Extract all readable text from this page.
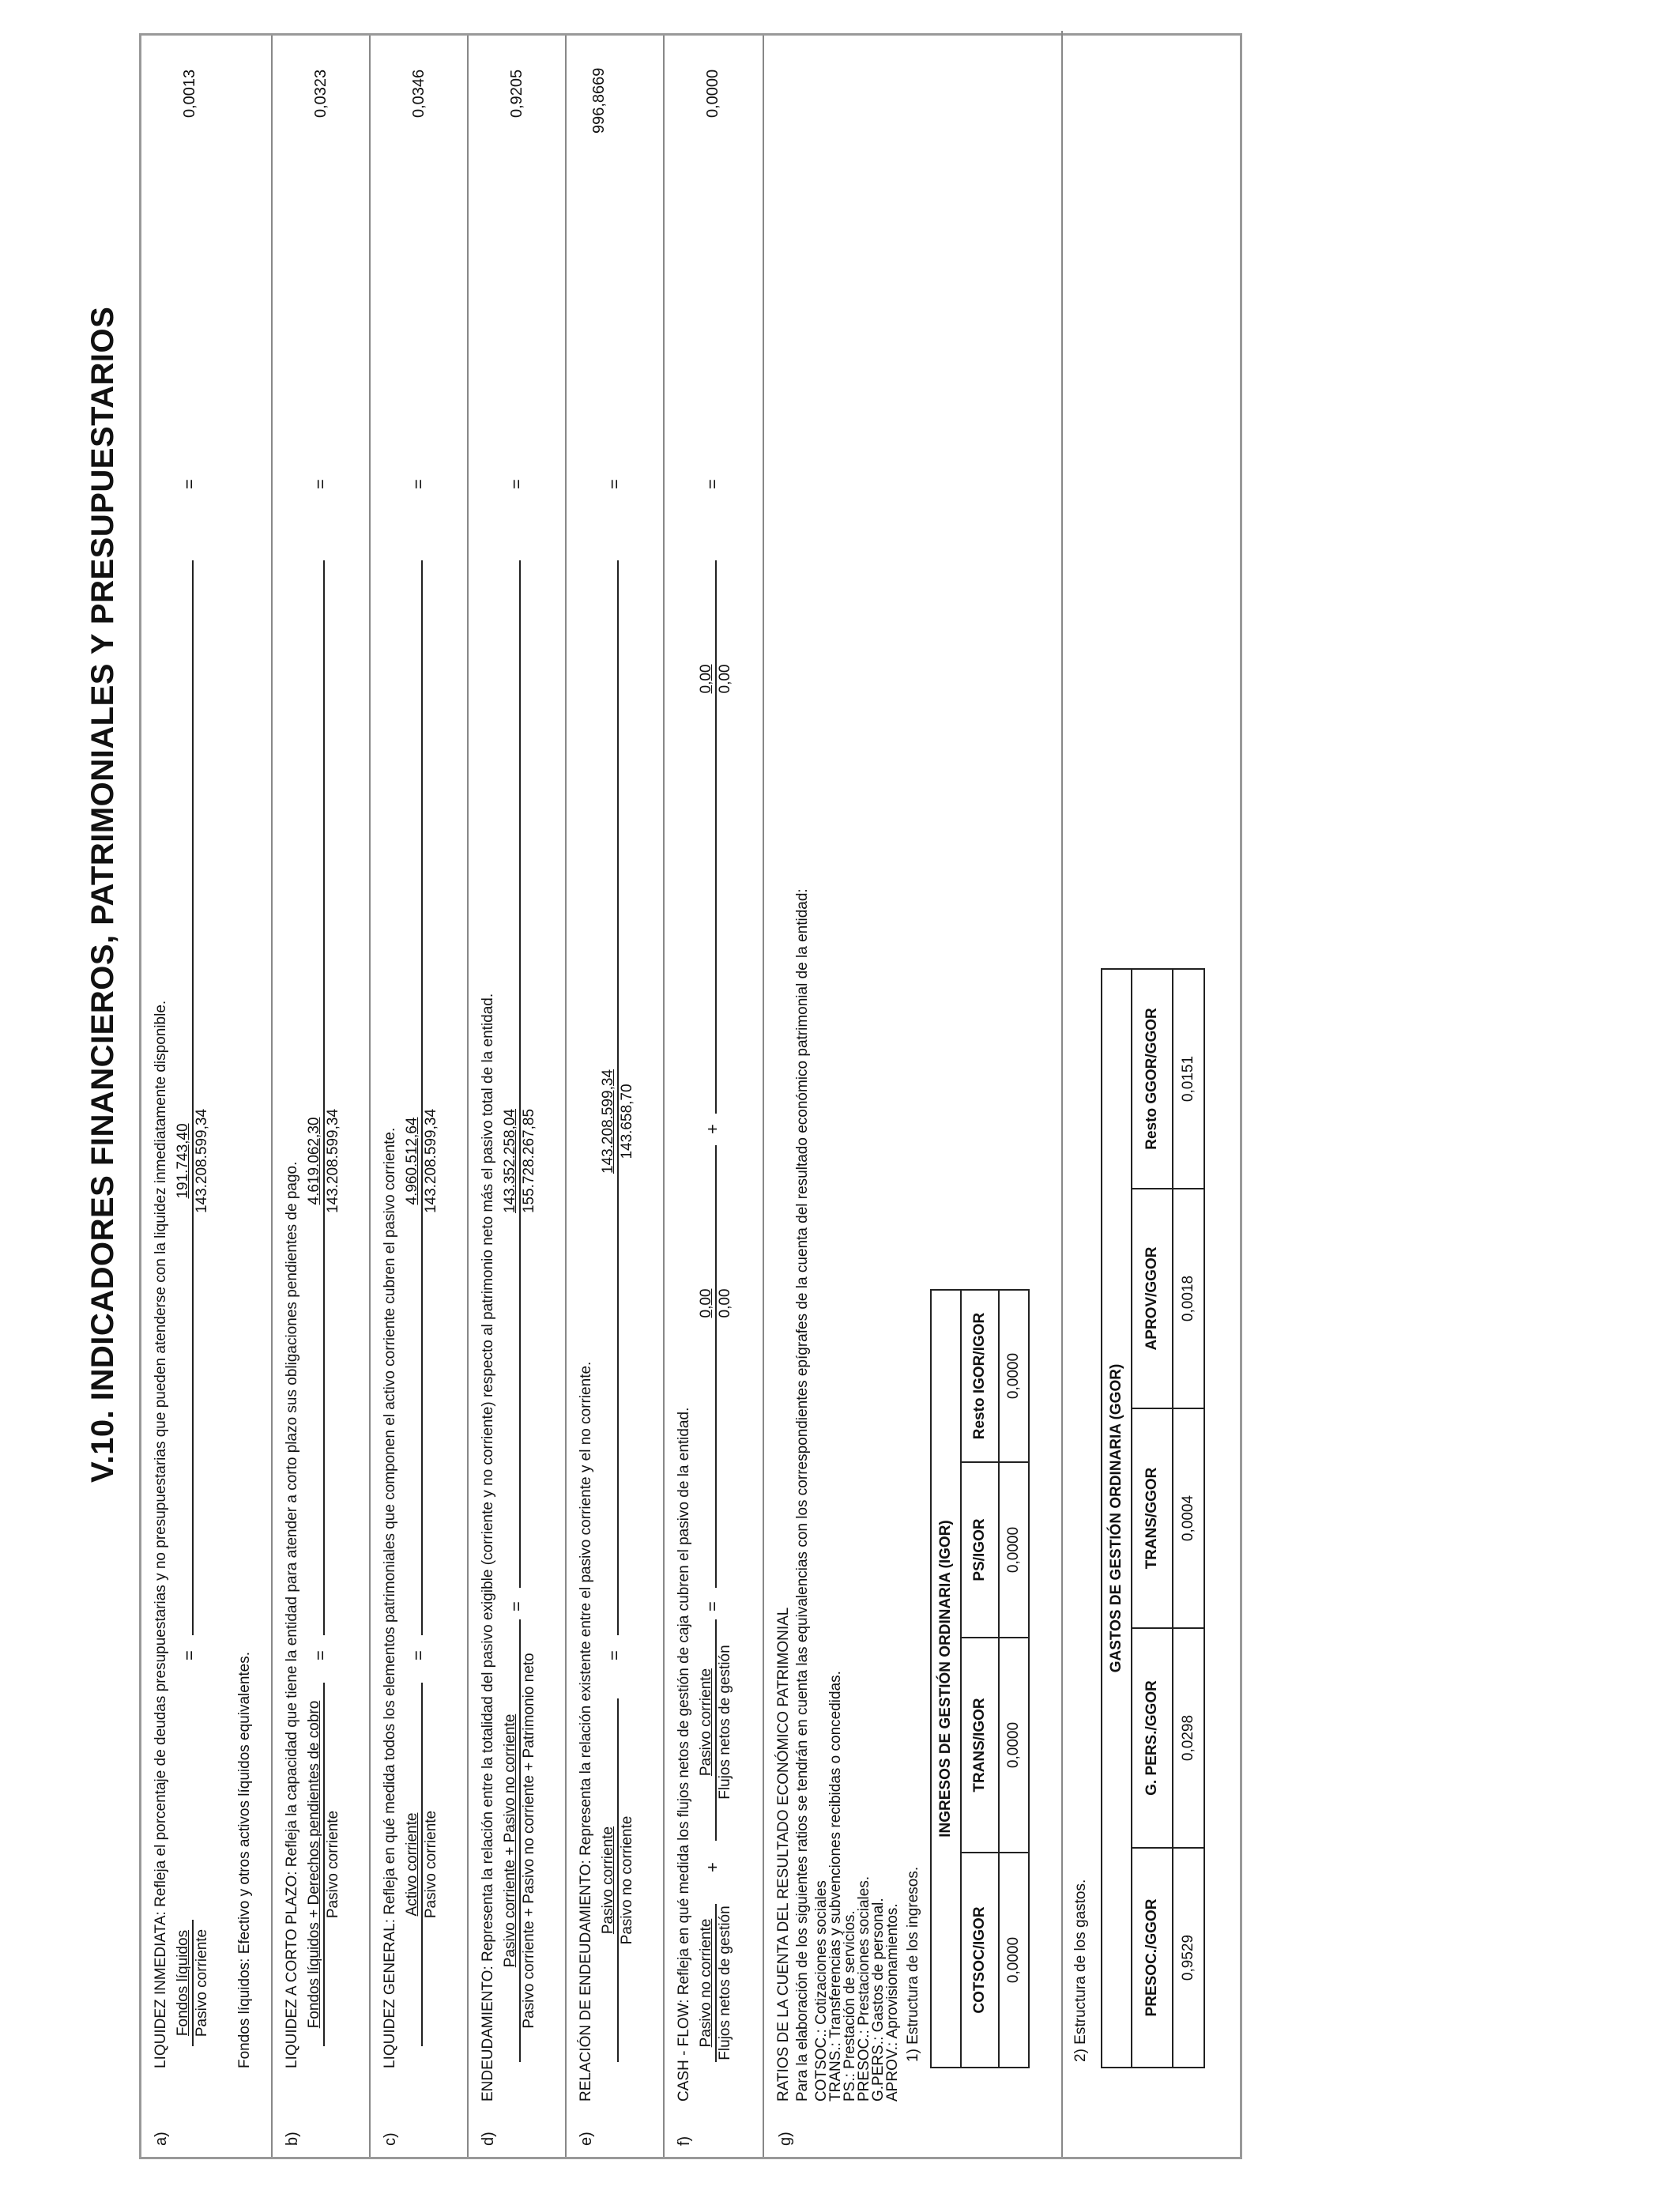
V.10. INDICADORES FINANCIEROS, PATRIMONIALES Y PRESUPUESTARIOS
a)
LIQUIDEZ INMEDIATA: Refleja el porcentaje de deudas presupuestarias y no presupuestarias que pueden atenderse con la liquidez inmediatamente disponible. Fondos líquidos Pasivo corriente
=
191.743,40 143.208.599,34
=
0,0013
Fondos líquidos: Efectivo y otros activos líquidos equivalentes.
b)
LIQUIDEZ A CORTO PLAZO: Refleja la capacidad que tiene la entidad para atender a corto plazo sus obligaciones pendientes de pago. Fondos líquidos + Derechos pendientes de cobro Pasivo corriente
=
4.619.062,30 143.208.599,34
=
0,0323
c)
LIQUIDEZ GENERAL: Refleja en qué medida todos los elementos patrimoniales que componen el activo corriente cubren el pasivo corriente. Activo corriente Pasivo corriente
=
4.960.512,64 143.208.599,34
=
0,0346
d)
ENDEUDAMIENTO: Representa la relación entre la totalidad del pasivo exigible (corriente y no corriente) respecto al patrimonio neto más el pasivo total de la entidad. Pasivo corriente + Pasivo no corriente Pasivo corriente + Pasivo no corriente + Patrimonio neto
=
143.352.258,04 155.728.267,85
=
0,9205
e)
RELACIÓN DE ENDEUDAMIENTO: Representa la relación existente entre el pasivo corriente y el no corriente. Pasivo corriente Pasivo no corriente
=
143.208.599,34 143.658,70
=
996,8669
f)
CASH - FLOW: Refleja en qué medida los flujos netos de gestión de caja cubren el pasivo de la entidad. Pasivo no corriente Flujos netos de gestión
+
Pasivo corriente Flujos netos de gestión
=
0,00 0,00
+
0,00 0,00
=
0,0000
g)
RATIOS DE LA CUENTA DEL RESULTADO ECONÓMICO PATRIMONIAL Para la elaboración de los siguientes ratios se tendrán en cuenta las equivalencias con los correspondientes epígrafes de la cuenta del resultado económico patrimonial de la entidad: COTSOC.: Cotizaciones sociales
TRANS.: Transferencias y subvenciones recibidas o concedidas.
PS.: Prestación de servicios.
PRESOC.: Prestaciones sociales.
G.PERS.: Gastos de personal.
APROV.: Aprovisionamientos. 1) Estructura de los ingresos.
INGRESOS DE GESTIÓN ORDINARIA (IGOR)			
COTSOC/IGOR	TRANS/IGOR	PS/IGOR	Resto IGOR/IGOR
0,0000	0,0000	0,0000	0,0000
2) Estructura de los gastos.
GASTOS DE GESTIÓN ORDINARIA (GGOR)				
PRESOC./GGOR	G. PERS./GGOR	TRANS/GGOR	APROV/GGOR	Resto GGOR/GGOR
0,9529	0,0298	0,0004	0,0018	0,0151
